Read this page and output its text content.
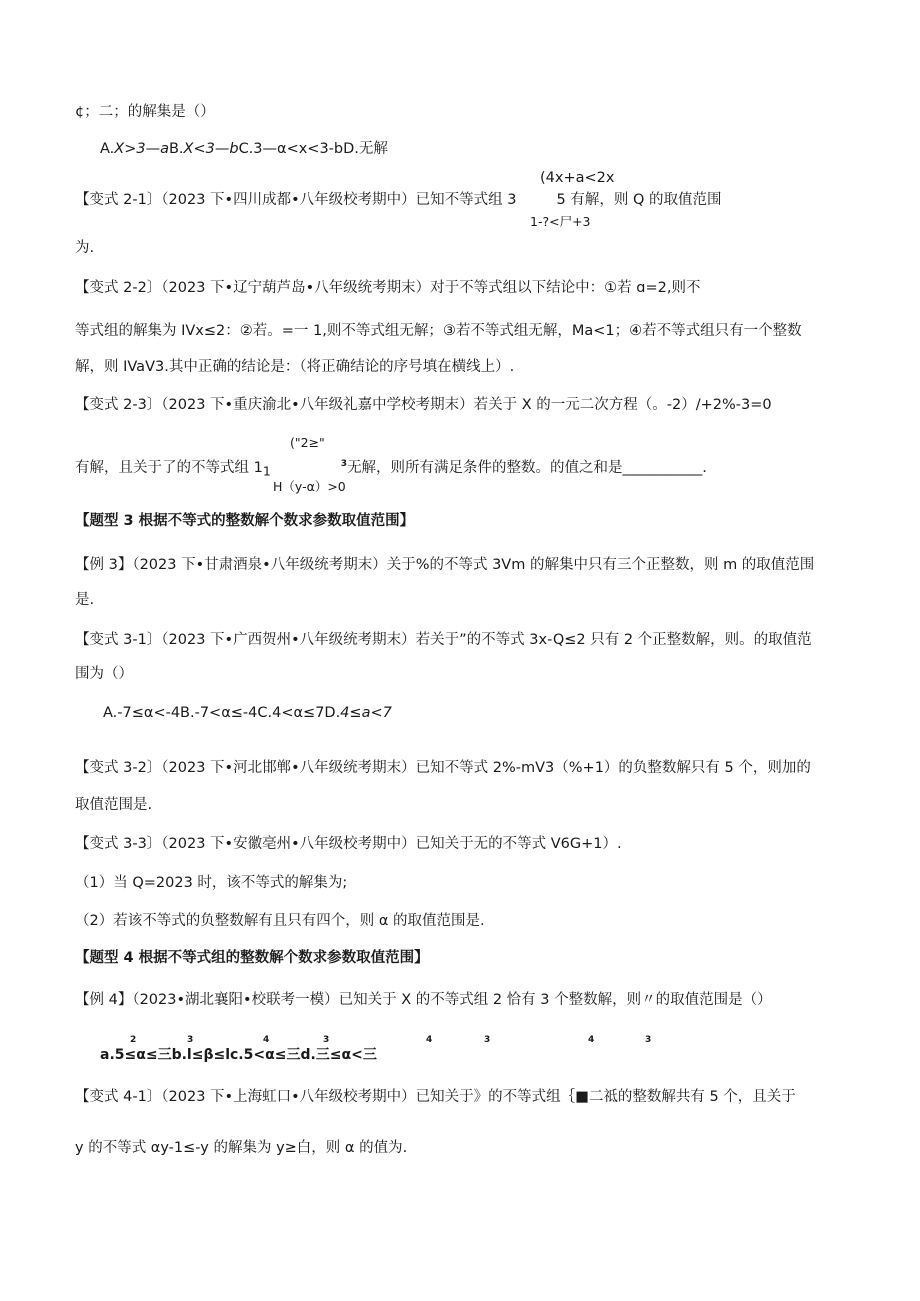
¢；二；的解集是（）
A.X>3—aB.X<3—bC.3—α<x<3-bD.无解
(4x+a<2x
【变式 2-1〕（2023 下•四川成都•八年级校考期中）已知不等式组 3	5 有解，则 Q 的取值范围
1-?<尸+3
为.
【变式 2-2〕（2023 下•辽宁葫芦岛•八年级统考期末）对于不等式组以下结论中：①若 ɑ=2,则不
等式组的解集为 IVx≤2：②若。=一 1,则不等式组无解；③若不等式组无解，Ma<1；④若不等式组只有一个整数
解，则 IVaV3.其中正确的结论是：（将正确结论的序号填在横线上）.
【变式 2-3〕（2023 下•重庆渝北•八年级礼嘉中学校考期末）若关于 X 的一元二次方程（。-2）/+2%-3=0
("2≥"
有解，且关于了的不等式组 $1_1$	$^3$无解，则所有满足条件的整数。的值之和是___________.
H（y-α）>0
【题型 3 根据不等式的整数解个数求参数取值范围】
【例 3】（2023 下•甘肃酒泉•八年级统考期末）关于%的不等式 3Vm 的解集中只有三个正整数，则 m 的取值范围
是.
【变式 3-1〕（2023 下•广西贺州•八年级统考期末）若关于”的不等式 3x-Q≤2 只有 2 个正整数解，则。的取值范
围为（）
A.-7≤α<-4B.-7<α≤-4C.4<α≤7D.4≤a<7
【变式 3-2〕（2023 下•河北邯郸•八年级统考期末）已知不等式 2%-mV3（%+1）的负整数解只有 5 个，则加的
取值范围是.
【变式 3-3〕（2023 下•安徽亳州•八年级校考期中）已知关于无的不等式 V6G+1）.
（1）当 Q=2023 时，该不等式的解集为;
（2）若该不等式的负整数解有且只有四个，则 α 的取值范围是.
【题型 4 根据不等式组的整数解个数求参数取值范围】
【例 4】（2023•湖北襄阳•校联考一模）已知关于 X 的不等式组 2 恰有 3 个整数解，则〃的取值范围是（）
2	3	4	3	4	3	4	3
a.5≤α≤三b.l≤β≤lc.5<α≤三d.三≤α<三
【变式 4-1〕（2023 下•上海虹口•八年级校考期中）已知关于》的不等式组｛■二祗的整数解共有 5 个，且关于
y 的不等式 αy-1≤-y 的解集为 y≥白，则 α 的值为.
